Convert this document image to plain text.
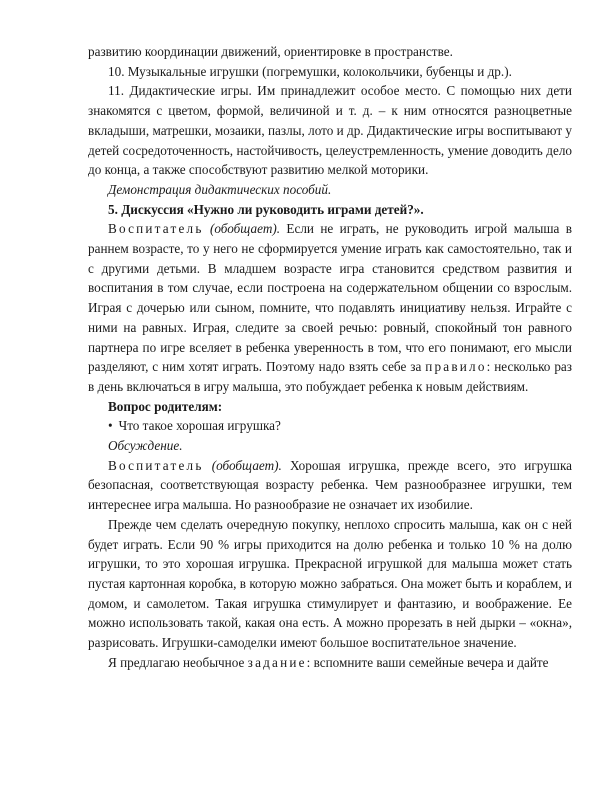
развитию координации движений, ориентировке в пространстве.

10. Музыкальные игрушки (погремушки, колокольчики, бубенцы и др.).

11. Дидактические игры. Им принадлежит особое место. С помощью них дети знакомятся с цветом, формой, величиной и т. д. – к ним относятся разноцветные вкладыши, матрешки, мозаики, пазлы, лото и др. Дидактические игры воспитывают у детей сосредоточенность, настойчивость, целеустремленность, умение доводить дело до конца, а также способствуют развитию мелкой моторики.

Демонстрация дидактических пособий.

5. Дискуссия «Нужно ли руководить играми детей?».

Воспитатель (обобщает). Если не играть, не руководить игрой малыша в раннем возрасте, то у него не сформируется умение играть как самостоятельно, так и с другими детьми. В младшем возрасте игра становится средством развития и воспитания в том случае, если построена на содержательном общении со взрослым. Играя с дочерью или сыном, помните, что подавлять инициативу нельзя. Играйте с ними на равных. Играя, следите за своей речью: ровный, спокойный тон равного партнера по игре вселяет в ребенка уверенность в том, что его понимают, его мысли разделяют, с ним хотят играть. Поэтому надо взять себе за правило: несколько раз в день включаться в игру малыша, это побуждает ребенка к новым действиям.

Вопрос родителям:

• Что такое хорошая игрушка?

Обсуждение.

Воспитатель (обобщает). Хорошая игрушка, прежде всего, это игрушка безопасная, соответствующая возрасту ребенка. Чем разнообразнее игрушки, тем интереснее игра малыша. Но разнообразие не означает их изобилие.

Прежде чем сделать очередную покупку, неплохо спросить малыша, как он с ней будет играть. Если 90 % игры приходится на долю ребенка и только 10 % на долю игрушки, то это хорошая игрушка. Прекрасной игрушкой для малыша может стать пустая картонная коробка, в которую можно забраться. Она может быть и кораблем, и домом, и самолетом. Такая игрушка стимулирует и фантазию, и воображение. Ее можно использовать такой, какая она есть. А можно прорезать в ней дырки – «окна», разрисовать. Игрушки-самоделки имеют большое воспитательное значение.

Я предлагаю необычное задание: вспомните ваши семейные вечера и дайте
